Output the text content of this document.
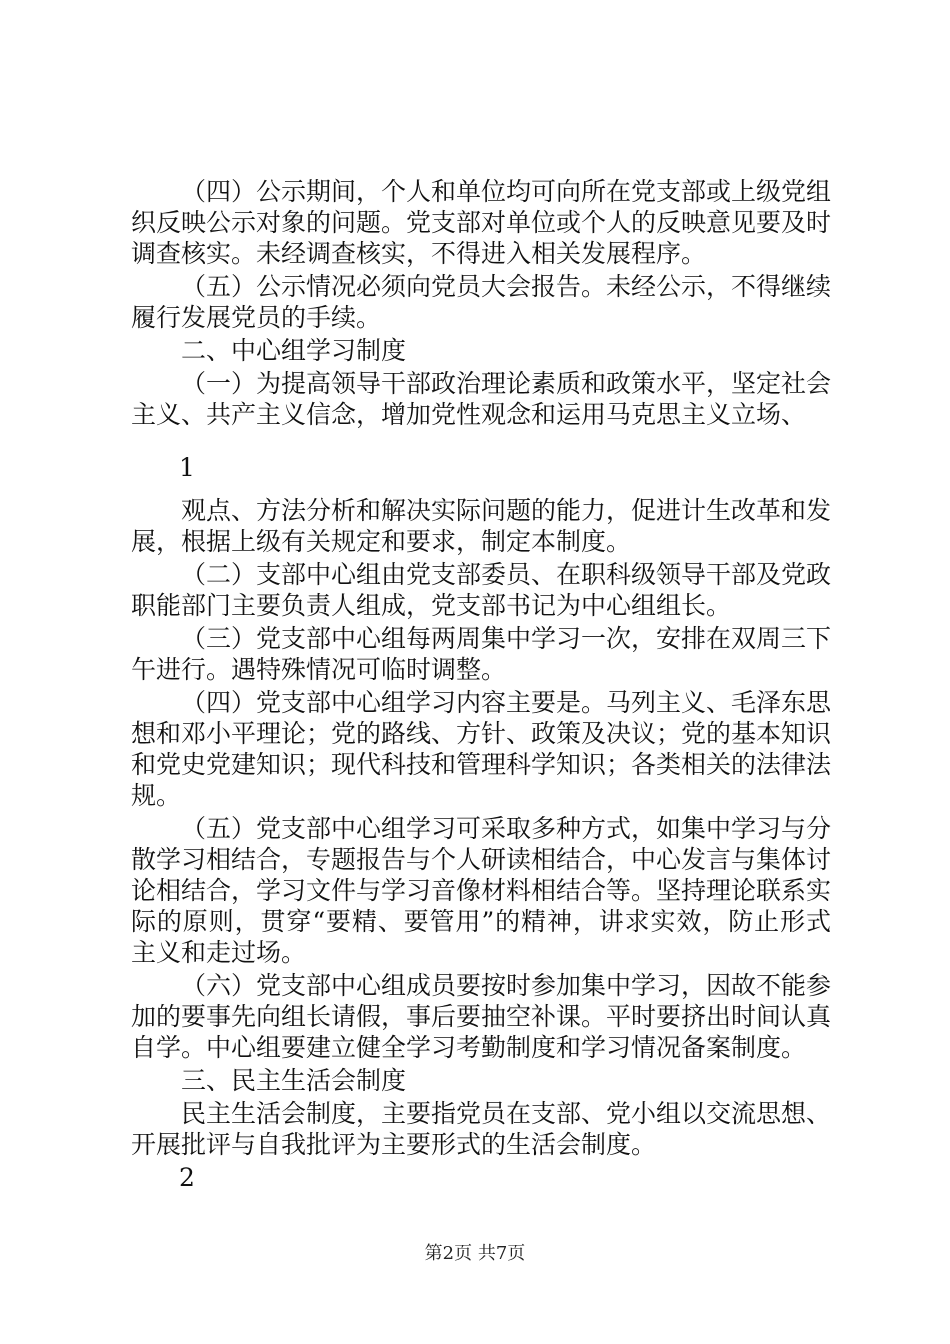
（四）公示期间，个人和单位均可向所在党支部或上级党组织反映公示对象的问题。党支部对单位或个人的反映意见要及时调查核实。未经调查核实，不得进入相关发展程序。

（五）公示情况必须向党员大会报告。未经公示，不得继续履行发展党员的手续。

二、中心组学习制度

（一）为提高领导干部政治理论素质和政策水平，坚定社会主义、共产主义信念，增加党性观念和运用马克思主义立场、

1

观点、方法分析和解决实际问题的能力，促进计生改革和发展，根据上级有关规定和要求，制定本制度。

（二）支部中心组由党支部委员、在职科级领导干部及党政职能部门主要负责人组成，党支部书记为中心组组长。

（三）党支部中心组每两周集中学习一次，安排在双周三下午进行。遇特殊情况可临时调整。

（四）党支部中心组学习内容主要是。马列主义、毛泽东思想和邓小平理论；党的路线、方针、政策及决议；党的基本知识和党史党建知识；现代科技和管理科学知识；各类相关的法律法规。

（五）党支部中心组学习可采取多种方式，如集中学习与分散学习相结合，专题报告与个人研读相结合，中心发言与集体讨论相结合，学习文件与学习音像材料相结合等。坚持理论联系实际的原则，贯穿“要精、要管用”的精神，讲求实效，防止形式主义和走过场。

（六）党支部中心组成员要按时参加集中学习，因故不能参加的要事先向组长请假，事后要抽空补课。平时要挤出时间认真自学。中心组要建立健全学习考勤制度和学习情况备案制度。

三、民主生活会制度

民主生活会制度，主要指党员在支部、党小组以交流思想、开展批评与自我批评为主要形式的生活会制度。

2

第2页 共7页
